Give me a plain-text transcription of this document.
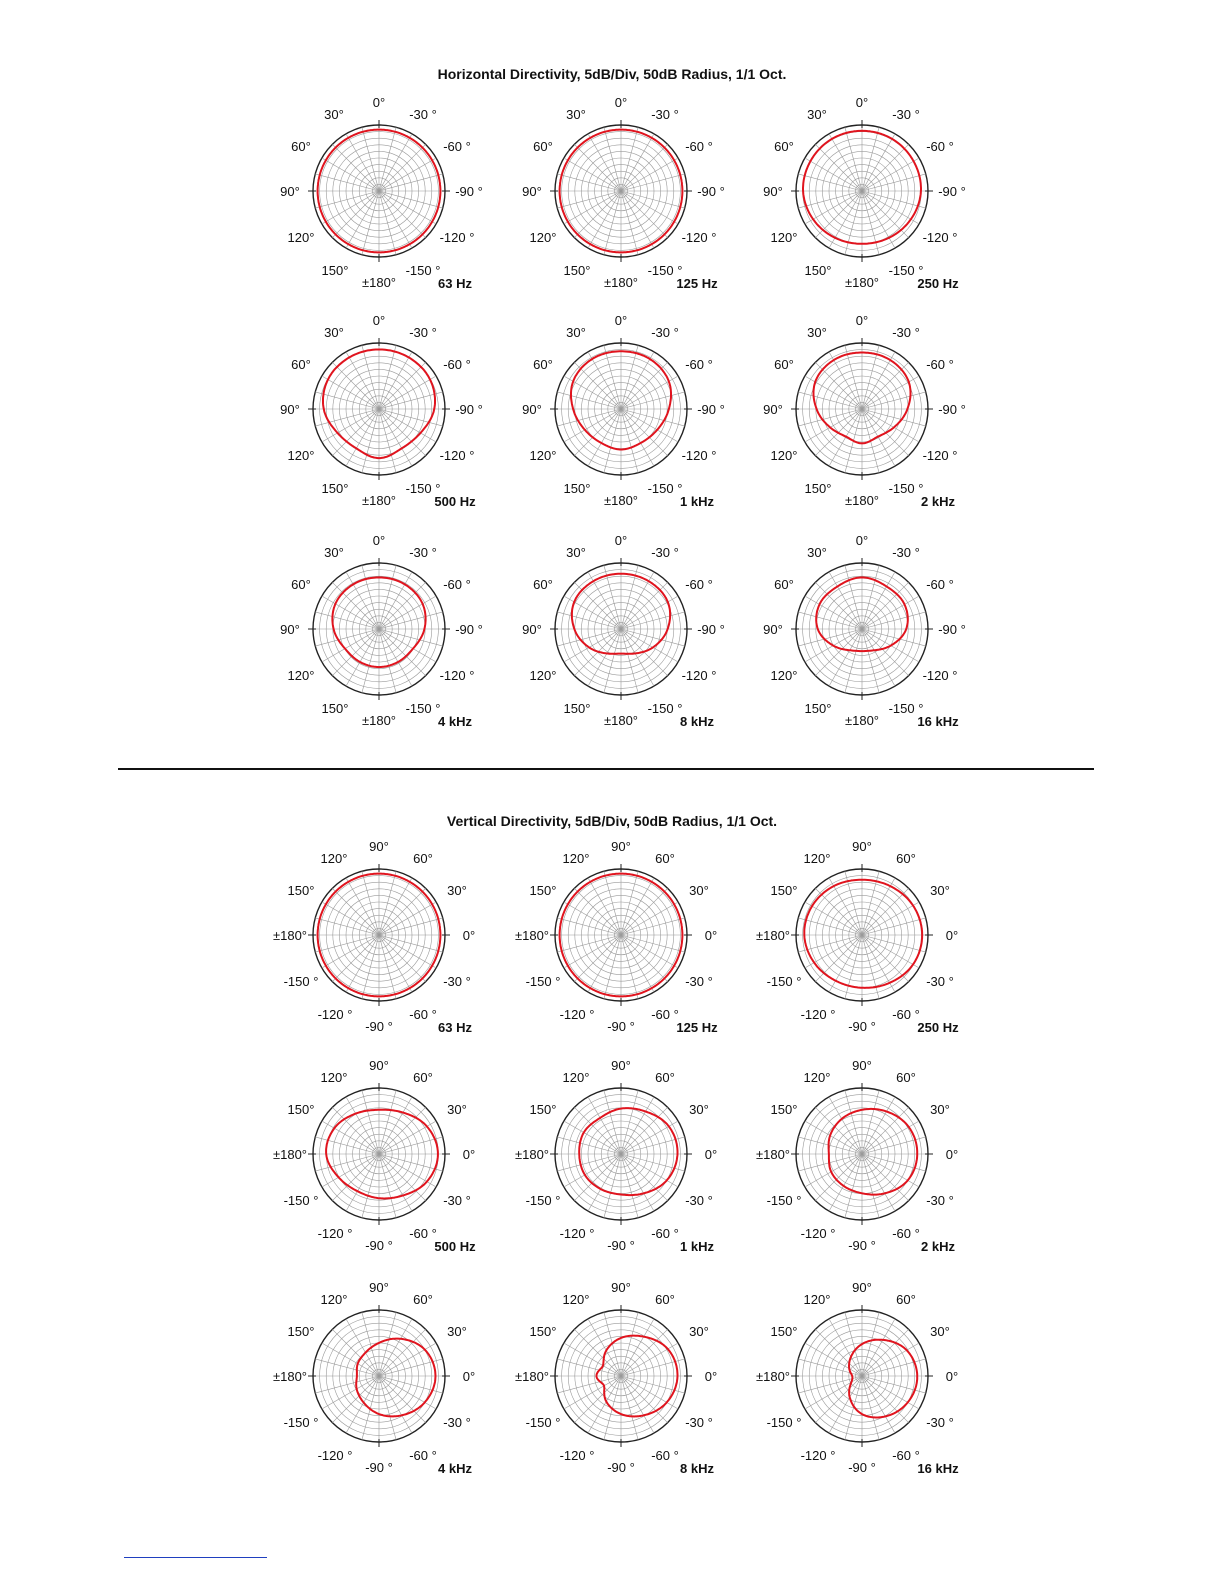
Horizontal Directivity, 5dB/Div, 50dB Radius, 1/1 Oct.
Vertical Directivity, 5dB/Div, 50dB Radius, 1/1 Oct.
0°
-30 °
-60 °
-90 °
-120 °
-150 °
±180°
150°
120°
90°
60°
30°
63 Hz
0°
-30 °
-60 °
-90 °
-120 °
-150 °
±180°
150°
120°
90°
60°
30°
125 Hz
0°
-30 °
-60 °
-90 °
-120 °
-150 °
±180°
150°
120°
90°
60°
30°
250 Hz
0°
-30 °
-60 °
-90 °
-120 °
-150 °
±180°
150°
120°
90°
60°
30°
500 Hz
0°
-30 °
-60 °
-90 °
-120 °
-150 °
±180°
150°
120°
90°
60°
30°
1 kHz
0°
-30 °
-60 °
-90 °
-120 °
-150 °
±180°
150°
120°
90°
60°
30°
2 kHz
0°
-30 °
-60 °
-90 °
-120 °
-150 °
±180°
150°
120°
90°
60°
30°
4 kHz
0°
-30 °
-60 °
-90 °
-120 °
-150 °
±180°
150°
120°
90°
60°
30°
8 kHz
0°
-30 °
-60 °
-90 °
-120 °
-150 °
±180°
150°
120°
90°
60°
30°
16 kHz
90°
60°
30°
0°
-30 °
-60 °
-90 °
-120 °
-150 °
±180°
150°
120°
63 Hz
90°
60°
30°
0°
-30 °
-60 °
-90 °
-120 °
-150 °
±180°
150°
120°
125 Hz
90°
60°
30°
0°
-30 °
-60 °
-90 °
-120 °
-150 °
±180°
150°
120°
250 Hz
90°
60°
30°
0°
-30 °
-60 °
-90 °
-120 °
-150 °
±180°
150°
120°
500 Hz
90°
60°
30°
0°
-30 °
-60 °
-90 °
-120 °
-150 °
±180°
150°
120°
1 kHz
90°
60°
30°
0°
-30 °
-60 °
-90 °
-120 °
-150 °
±180°
150°
120°
2 kHz
90°
60°
30°
0°
-30 °
-60 °
-90 °
-120 °
-150 °
±180°
150°
120°
4 kHz
90°
60°
30°
0°
-30 °
-60 °
-90 °
-120 °
-150 °
±180°
150°
120°
8 kHz
90°
60°
30°
0°
-30 °
-60 °
-90 °
-120 °
-150 °
±180°
150°
120°
16 kHz
